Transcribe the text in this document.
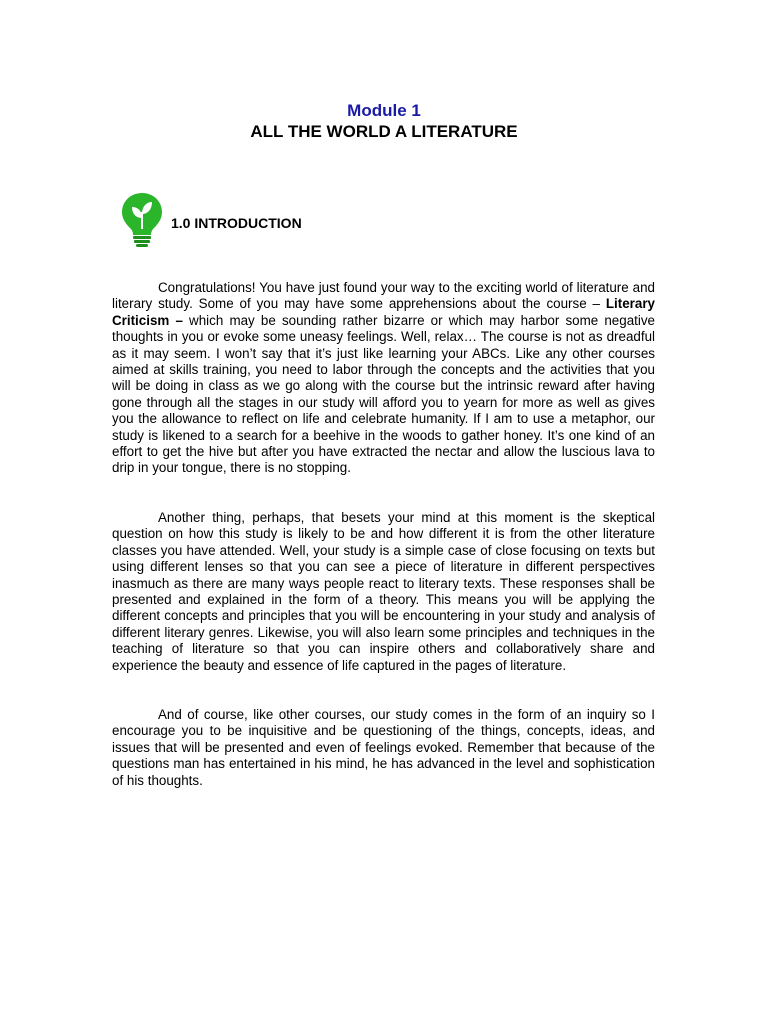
Module 1
ALL THE WORLD A LITERATURE
1.0 INTRODUCTION

Congratulations! You have just found your way to the exciting world of literature and literary study. Some of you may have some apprehensions about the course – Literary Criticism – which may be sounding rather bizarre or which may harbor some negative thoughts in you or evoke some uneasy feelings. Well, relax… The course is not as dreadful as it may seem. I won’t say that it’s just like learning your ABCs. Like any other courses aimed at skills training, you need to labor through the concepts and the activities that you will be doing in class as we go along with the course but the intrinsic reward after having gone through all the stages in our study will afford you to yearn for more as well as gives you the allowance to reflect on life and celebrate humanity. If I am to use a metaphor, our study is likened to a search for a beehive in the woods to gather honey. It’s one kind of an effort to get the hive but after you have extracted the nectar and allow the luscious lava to drip in your tongue, there is no stopping.

Another thing, perhaps, that besets your mind at this moment is the skeptical question on how this study is likely to be and how different it is from the other literature classes you have attended. Well, your study is a simple case of close focusing on texts but using different lenses so that you can see a piece of literature in different perspectives inasmuch as there are many ways people react to literary texts. These responses shall be presented and explained in the form of a theory. This means you will be applying the different concepts and principles that you will be encountering in your study and analysis of different literary genres. Likewise, you will also learn some principles and techniques in the teaching of literature so that you can inspire others and collaboratively share and experience the beauty and essence of life captured in the pages of literature.

And of course, like other courses, our study comes in the form of an inquiry so I encourage you to be inquisitive and be questioning of the things, concepts, ideas, and issues that will be presented and even of feelings evoked. Remember that because of the questions man has entertained in his mind, he has advanced in the level and sophistication of his thoughts.
